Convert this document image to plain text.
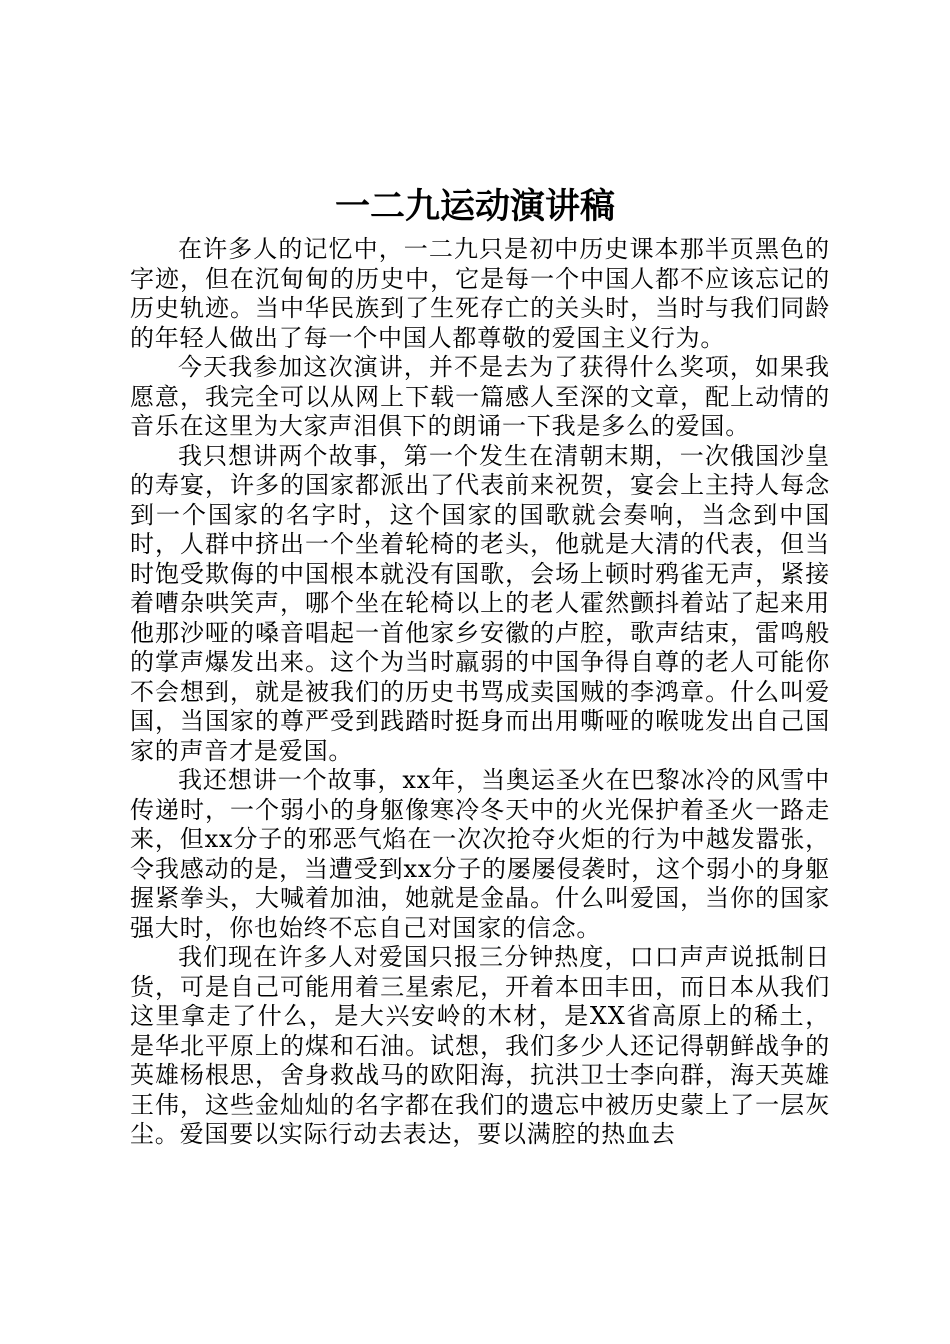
一二九运动演讲稿

在许多人的记忆中，一二九只是初中历史课本那半页黑色的字迹，但在沉甸甸的历史中，它是每一个中国人都不应该忘记的历史轨迹。当中华民族到了生死存亡的关头时，当时与我们同龄的年轻人做出了每一个中国人都尊敬的爱国主义行为。

今天我参加这次演讲，并不是去为了获得什么奖项，如果我愿意，我完全可以从网上下载一篇感人至深的文章，配上动情的音乐在这里为大家声泪俱下的朗诵一下我是多么的爱国。

我只想讲两个故事，第一个发生在清朝末期，一次俄国沙皇的寿宴，许多的国家都派出了代表前来祝贺，宴会上主持人每念到一个国家的名字时，这个国家的国歌就会奏响，当念到中国时，人群中挤出一个坐着轮椅的老头，他就是大清的代表，但当时饱受欺侮的中国根本就没有国歌，会场上顿时鸦雀无声，紧接着嘈杂哄笑声，哪个坐在轮椅以上的老人霍然颤抖着站了起来用他那沙哑的嗓音唱起一首他家乡安徽的卢腔，歌声结束，雷鸣般的掌声爆发出来。这个为当时羸弱的中国争得自尊的老人可能你不会想到，就是被我们的历史书骂成卖国贼的李鸿章。什么叫爱国，当国家的尊严受到践踏时挺身而出用嘶哑的喉咙发出自己国家的声音才是爱国。

我还想讲一个故事，xx年，当奥运圣火在巴黎冰冷的风雪中传递时，一个弱小的身躯像寒冷冬天中的火光保护着圣火一路走来，但xx分子的邪恶气焰在一次次抢夺火炬的行为中越发嚣张，令我感动的是，当遭受到xx分子的屡屡侵袭时，这个弱小的身躯握紧拳头，大喊着加油，她就是金晶。什么叫爱国，当你的国家强大时，你也始终不忘自己对国家的信念。

我们现在许多人对爱国只报三分钟热度，口口声声说抵制日货，可是自己可能用着三星索尼，开着本田丰田，而日本从我们这里拿走了什么，是大兴安岭的木材，是XX省高原上的稀土，是华北平原上的煤和石油。试想，我们多少人还记得朝鲜战争的英雄杨根思，舍身救战马的欧阳海，抗洪卫士李向群，海天英雄王伟，这些金灿灿的名字都在我们的遗忘中被历史蒙上了一层灰尘。爱国要以实际行动去表达，要以满腔的热血去
